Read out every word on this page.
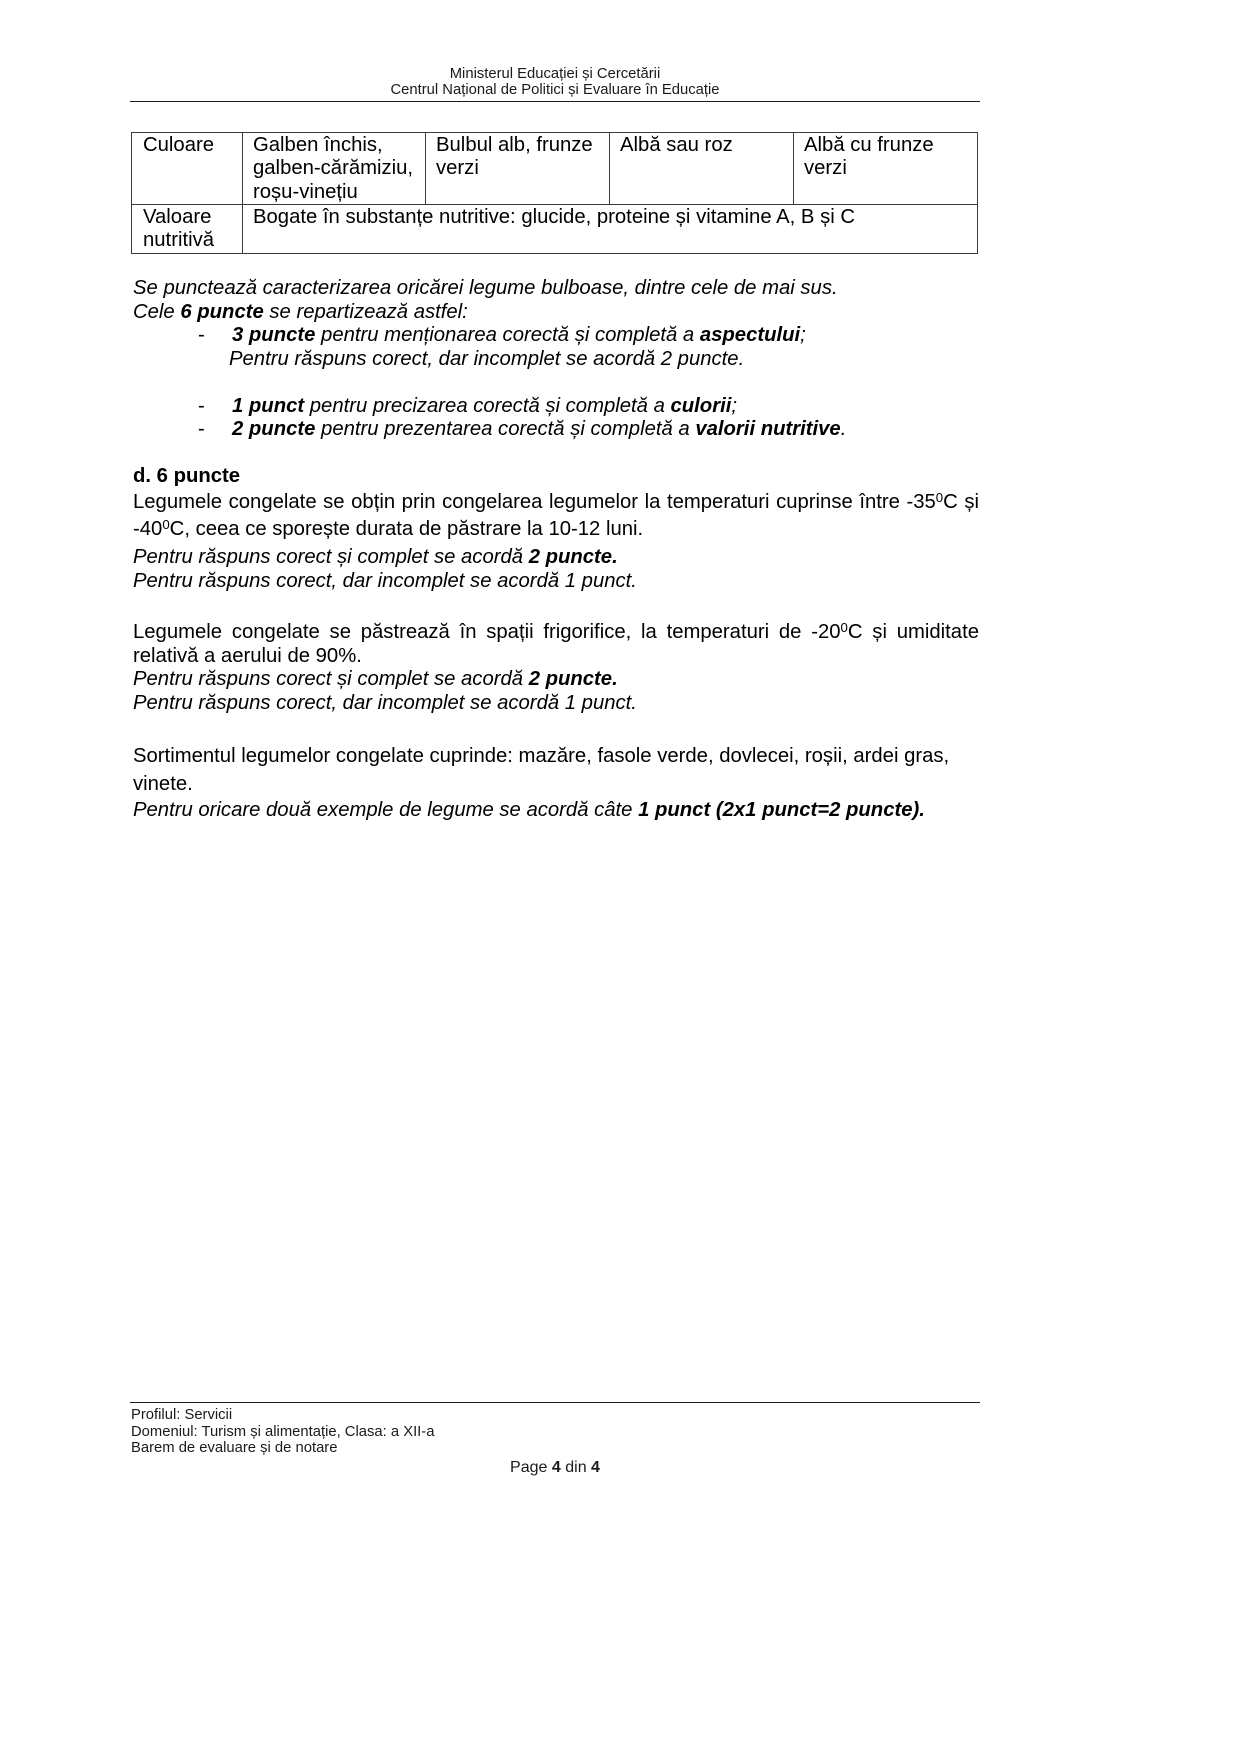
Ministerul Educației și Cercetării
Centrul Național de Politici și Evaluare în Educație
Culoare	Galben închis, galben-cărămiziu, roșu-vinețiu	Bulbul alb, frunze verzi	Albă sau roz	Albă cu frunze verzi
Valoare nutritivă	Bogate în substanțe nutritive: glucide, proteine și vitamine A, B și C			
Se punctează caracterizarea oricărei legume bulboase, dintre cele de mai sus.
Cele 6 puncte se repartizează astfel:
- 3 puncte pentru menționarea corectă și completă a aspectului;
Pentru răspuns corect, dar incomplet se acordă 2 puncte.
- 1 punct pentru precizarea corectă și completă a culorii;
- 2 puncte pentru prezentarea corectă și completă a valorii nutritive.
d. 6 puncte
Legumele congelate se obțin prin congelarea legumelor la temperaturi cuprinse între $-35^0C$ și $-40^0C$, ceea ce sporește durata de păstrare la 10-12 luni.
Pentru răspuns corect și complet se acordă 2 puncte.
Pentru răspuns corect, dar incomplet se acordă 1 punct.
Legumele congelate se păstrează în spații frigorifice, la temperaturi de $-20^0C$ și umiditate relativă a aerului de 90%.
Pentru răspuns corect și complet se acordă 2 puncte.
Pentru răspuns corect, dar incomplet se acordă 1 punct.
Sortimentul legumelor congelate cuprinde: mazăre, fasole verde, dovlecei, roșii, ardei gras, vinete.
Pentru oricare două exemple de legume se acordă câte 1 punct (2x1 punct=2 puncte).
Profilul: Servicii
Domeniul: Turism și alimentație, Clasa: a XII-a
Barem de evaluare și de notare
Page 4 din 4
